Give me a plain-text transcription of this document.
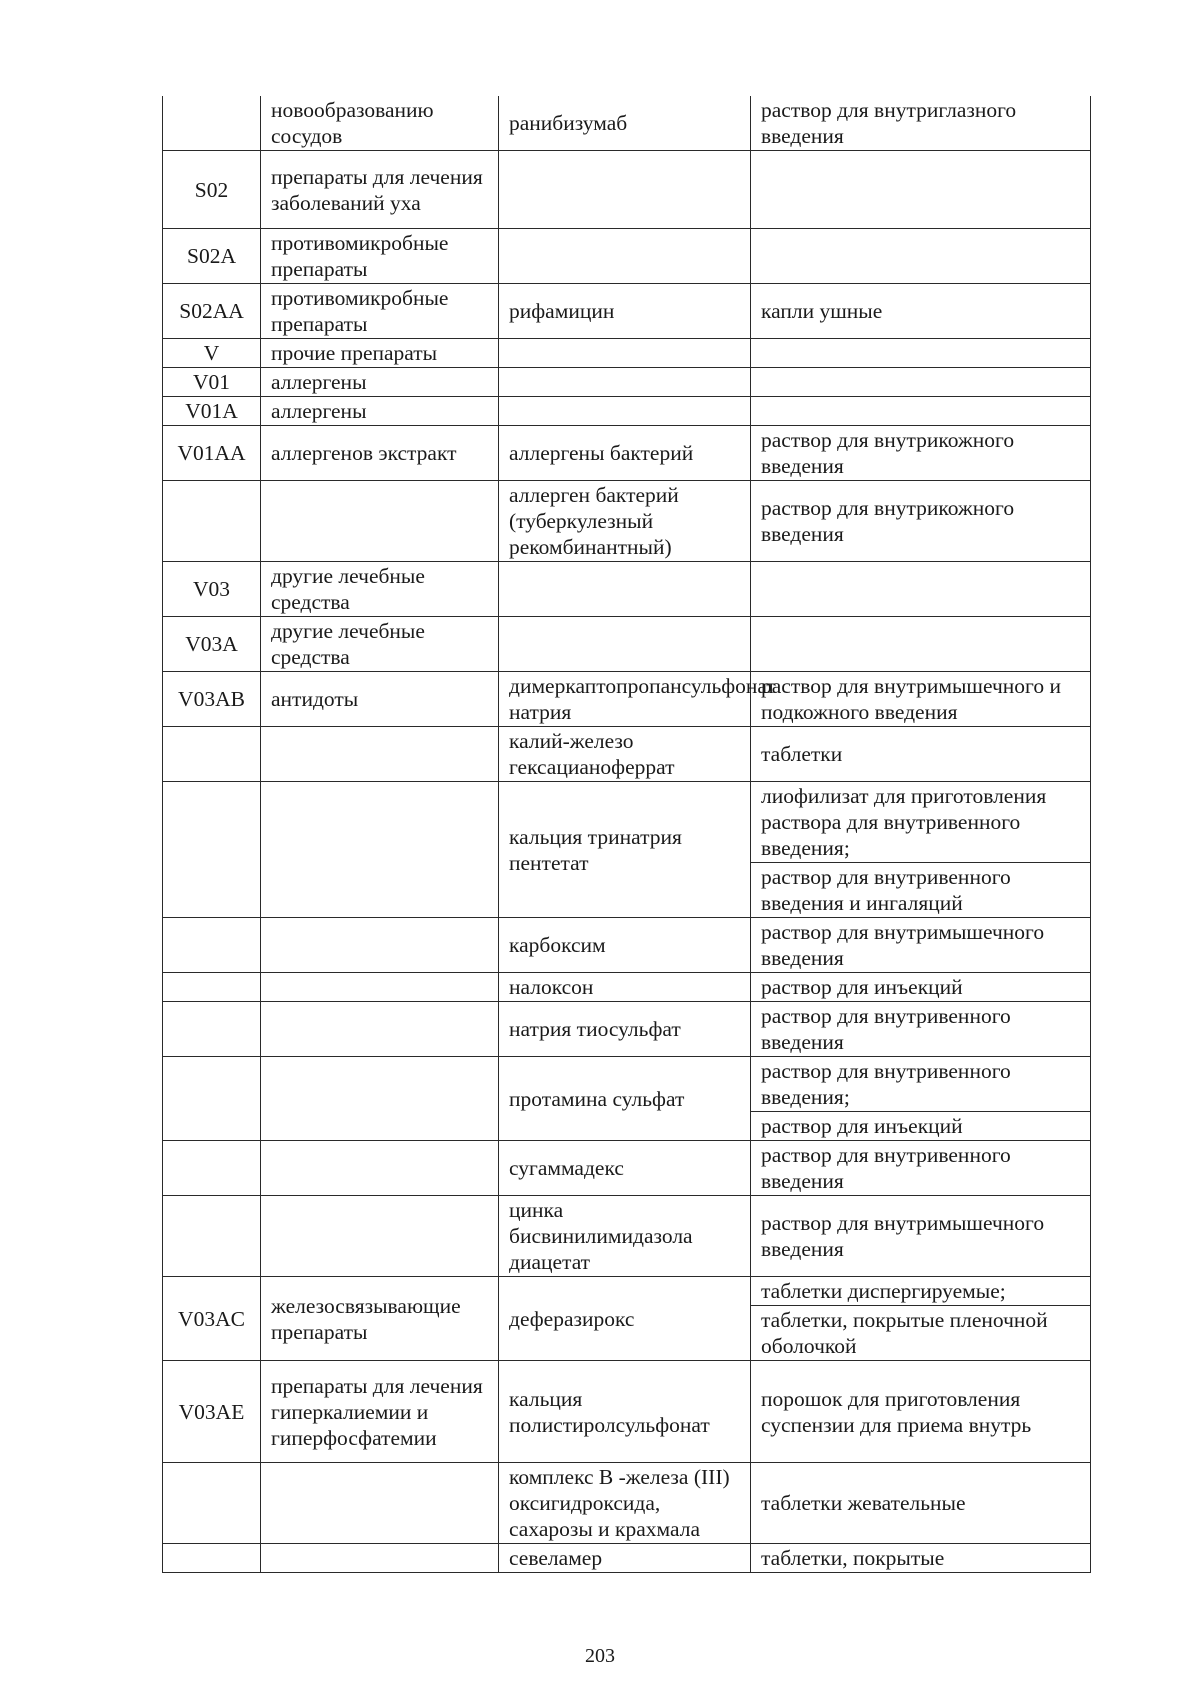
	новообразованию сосудов	ранибизумаб	раствор для внутриглазного введения
S02	препараты для лечения заболеваний уха		
S02A	противомикробные препараты		
S02AA	противомикробные препараты	рифамицин	капли ушные
V	прочие препараты		
V01	аллергены		
V01A	аллергены		
V01AA	аллергенов экстракт	аллергены бактерий	раствор для внутрикожного введения
		аллерген бактерий (туберкулезный рекомбинантный)	раствор для внутрикожного введения
V03	другие лечебные средства		
V03A	другие лечебные средства		
V03AB	антидоты	димеркаптопропансульфонат натрия	раствор для внутримышечного и подкожного введения
		калий-железо гексацианоферрат	таблетки
		кальция тринатрия пентетат	лиофилизат для приготовления раствора для внутривенного введения;
			раствор для внутривенного введения и ингаляций
		карбоксим	раствор для внутримышечного введения
		налоксон	раствор для инъекций
		натрия тиосульфат	раствор для внутривенного введения
		протамина сульфат	раствор для внутривенного введения;
			раствор для инъекций
		сугаммадекс	раствор для внутривенного введения
		цинка бисвинилимидазола диацетат	раствор для внутримышечного введения
V03AC	железосвязывающие препараты	деферазирокс	таблетки диспергируемые;
			таблетки, покрытые пленочной оболочкой
V03AE	препараты для лечения гиперкалиемии и гиперфосфатемии	кальция полистиролсульфонат	порошок для приготовления суспензии для приема внутрь
		комплекс В -железа (III) оксигидроксида, сахарозы и крахмала	таблетки жевательные
		севеламер	таблетки, покрытые
203
